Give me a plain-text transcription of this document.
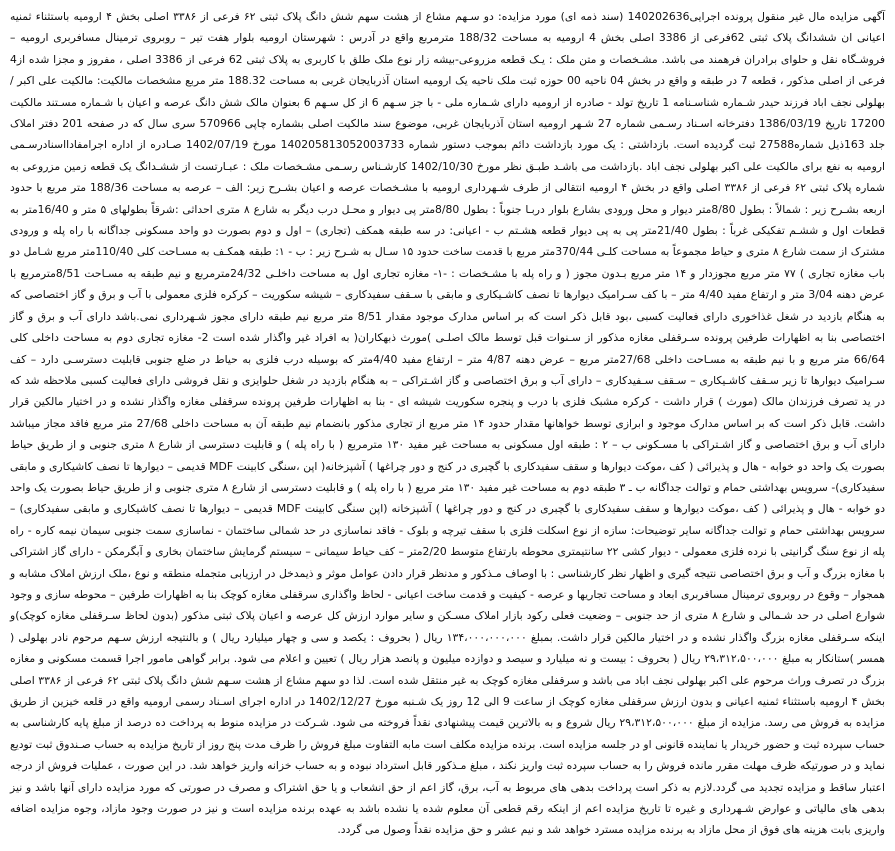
آگهی مزایده مال غیر منقول پرونده اجرایی140202636 (سند ذمه ای) مورد مزایده: دو سـهم مشاع از هشت سهم شش دانگ پلاک ثبتی ۶۲ فرعی از ۳۳۸۶ اصلی بخش ۴ ارومیه باستثناء ثمنیه اعیانی ان ششدانگ پلاک ثبتی 62فرعی از 3386 اصلی بخش 4 ارومیه به مساحت 188/32 مترمربع واقع در آدرس : شهرستان ارومیه بلوار هفت تیر – روبروی ترمینال مسافربری ارومیه – فروشـگاه نقل و حلوای برادران فرهمند می باشد. مشـخصات و متن ملک : یـک قطعه مزروعی-بیشه زار نوع ملک طلق با کاربری به پلاک ثبتی 62 فرعی از 3386 اصلی ، مفروز و مجزا شده از4 فرعی از اصلی مذکور ، قطعه 7 در طبقه و واقع در بخش 04 ناحیه 00 حوزه ثبت ملک ناحیه یک ارومیه استان آذربایجان غربی به مساحت 188.32 متر مربع مشخصات مالکیت: مالکیت علی اکبر / بهلولی نجف اباد فرزند حیدر شـماره شناسـنامه 1 تاریخ تولد - صادره از ارومیه دارای شـماره ملی - با جز سـهم 6 از کل سـهم 6 بعنوان مالک شش دانگ عرصه و اعیان با شـماره مسـتند مالکیت 17200 تاریخ 1386/03/19 دفترخانه اسـناد رسـمی شماره 27 شـهر ارومیه استان آذربایجان غربی، موضوع سند مالکیت اصلی بشماره چاپی 570966 سری سال که در صفحه 201 دفتر املاک جلد 163ذیل شماره27588 ثبت گردیده است. بازداشتی : یک مورد بازداشت دائم بموجب دستور شماره 140205813052003733 مورخ 1402/07/19 صـادره از اداره اجرامفادااسنادرسـمی ارومیه به نفع برای مالکیت علی اکبر بهلولی نجف اباد .بازداشت می باشـد طبـق نظر مورخ 1402/10/30 کارشـناس رسـمی مشـخصات ملک : عبـارتست از ششـدانگ یک قطعه زمین مزروعی به شماره پلاک ثبتی ۶۲ فرعی از ۳۳۸۶ اصلی واقع در بخش ۴ ارومیه انتقالی از طرف شـهرداری ارومیه با مشـخصات عرصه و اعیان بشـرح زیر: الف – عرصه به مساحت 188/36 متر مربع با حدود اربعه بشـرح زیر : شمالاً : بطول 8/80متر دیوار و محل ورودی بشارع بلوار دربـا جنوباً : بطول 8/80متر پی دیوار و محـل درب دیگر به شارع ۸ متری احداثی :شرقاً بطولهای ۵ متر و 16/40متر به قطعات اول و ششـم تفکیکی غرباً : بطول 21/40متر پی به پی دیوار قطعه هشـتم ب - اعیانی: در سه طبقه همکف (تجاری) – اول و دوم بصورت دو واحد مسکونی جداگانه با راه پله و ورودی مشترک از سمت شارع ۸ متری و حیاط مجموعاً به مساحت کلـی 370/44متر مربع با قدمت ساخت حدود ۱۵ سـال به شـرح زیر : ب - ۱: طبقه همکـف به مسـاحت کلی 110/40متر مربع شـامل دو باب مغازه تجاری ) ۷۷ متر مربع مجوزدار و ۱۴ متر مربع بـدون مجوز ( و راه پله با مشـخصات : -۱- مغازه تجاری اول به مساحت داخلـی 24/32مترمربع و نیم طبقه به مسـاحت 8/51مترمربع با عرض دهنه 3/04 متر و ارتفاع مفید 4/40 متر – با کف سـرامیک دیوارها تا نصف کاشـیکاری و مابقی با سـقف سفیدکاری – شیشه سکوریت – کرکره فلزی معمولی با آب و برق و گاز اختصاصی که به هنگام بازدید در شغل غذاخوری دارای فعالیت کسبی ،بود قابل ذکر است که بر اساس مدارک موجود مقدار 8/51 متر مربع نیم طبقه دارای مجوز شـهرداری نمی.باشد دارای آب و برق و گاز اختصاصی بنا به اظهارات طرفین پرونده سـرقفلی مغازه مذکور از سـنوات قبل توسط مالک اصلـی )مورث ذبهکاران( به افراد غیر واگذار شده است 2- مغازه تجاری دوم به مساحت داخلی کلی 66/64 متر مربع و با نیم طبقه به مسـاحت داخلی 27/68متر مربع – عرض دهنه 4/87 متر – ارتفاع مفید 4/40متر که بوسیله درب فلزی به حیاط در ضلع جنوبی قابلیت دسترسـی دارد – کف سـرامیک دیوارها تا زیر سـقف کاشـیکاری – سـقف سـفیدکاری – دارای آب و برق اختصاصی و گاز اشـتراکی – به هنگام بازدید در شغل حلوایزی و نقل فروشی دارای فعالیت کسبی ملاحظه شد که در ید تصرف فرزندان مالک (مورث ) قرار داشت - کرکره مشبک فلزی با درب و پنجره سکوریت شیشه ای - بنا به اظهارات طرفین پرونده سرقفلی مغازه واگذار نشده و در اختیار مالکین قرار داشت. قابل ذکر است که بر اساس مدارک موجود و ابرازی توسط خواهانها مقدار حدود ۱۴ متر مربع از تجاری مذکور بانضمام نیم طبقه آن به مساحت داخلی 27/68 متر مربع فاقد مجاز میباشد دارای آب و برق اختصاصی و گاز اشـتراکی با مسـکونی ب – ۲ : طبقه اول مسکونی به مساحت غیر مفید ۱۳۰ مترمربع ( با راه پله ) و قابلیت دسترسی از شارع ۸ متری جنوبی و از طریق حیاط بصورت یک واحد دو خوابه - هال و پذیرائی ( کف ،موکت دیوارها و سقف سفیدکاری با گچبری در کنج و دور چراغها ) آشپزخانه( اپن ،سنگی کابینت MDF قدیمی – دیوارها تا نصف کاشیکاری و مابقی سفیدکاری)- سرویس بهداشتی حمام و توالت جداگانه ب ـ ۳ طبقه دوم به مساحت غیر مفید ۱۳۰ متر مربع ( با راه پله ) و قابلیت دسترسی از شارع ۸ متری جنوبی و از طریق حیاط بصورت یک واحد دو خوابه - هال و پذیرائی ( کف ،موکت دیوارها و سقف سفیدکاری با گچبری در کنج و دور چراغها ) آشپزخانه (اپن سنگی کابینت MDF قدیمی – دیوارها تا نصف کاشیکاری و مابقی سفیدکاری) – سرویس بهداشتی حمام و توالت جداگانه سایر توضیحات: سازه از نوع اسکلت فلزی با سقف تیرچه و بلوک - فاقد نماسازی در حد شمالی ساختمان - نماسازی سمت جنوبی سیمان نیمه کاره - راه پله از نوع سنگ گرانیتی با نرده فلزی معمولی - دیوار کشی ۲۲ سانتیمتری محوطه بارتفاع متوسط 2/20متر – کف حیاط سیمانی – سیستم گرمایش ساختمان بخاری و آبگرمکن - دارای گاز اشتراکی با مغازه بزرگ و آب و برق اختصاصی نتیجه گیری و اظهار نظر کارشناسی : با اوصاف مـذکور و مدنظر قرار دادن عوامل موثر و ذیمدخل در ارزیابی متجمله منطقه و نوع ،ملک ارزش املاک مشابه و همجوار – وقوع در روبروی ترمینال مسافربری ابعاد و مساحت تجاریها و عرصه - کیفیت و قدمت ساخت اعیانی - لحاظ واگذاری سرقفلی مغازه کوچک بنا به اظهارات طرفین – محوطه سازی و وجود شوارع اصلی در حد شـمالی و شارع ۸ متری از حد جنوبی – وضعیت فعلی رکود بازار املاک مسـکن و سایر موارد ارزش کل عرصه و اعیان پلاک ثبتی مذکور (بدون لحاظ سـرقفلی مغازه کوچک)و اینکه سـرقفلی مغازه بزرگ واگذار نشده و در اختیار مالکین قرار داشت. بمبلغ ۱۳۴،۰۰۰،۰۰۰،۰۰۰ ریال ( بحروف : یکصد و سی و چهار میلیارد ریال ) و بالنتیجه ارزش سـهم مرحوم نادر بهلولی ( همسر )ستانکار به مبلغ ۲۹،۳۱۲،۵۰۰،۰۰۰ ریال ( بحروف : بیست و نه میلیارد و سیصد و دوازده میلیون و پانصد هزار ریال ) تعیین و اعلام می شود. برابر گواهی مامور اجرا قسمت مسکونی و مغازه بزرگ در تصرف وراث مرحوم علی اکبر بهلولی نجف اباد می باشد و سرقفلی مغازه کوچک به غیر منتقل شده است. لذا دو سهم مشاع از هشت سـهم شش دانگ پلاک ثبتی ۶۲ فرعی از ۳۳۸۶ اصلی بخش ۴ ارومیه باستثناء ثمنیه اعیانی و بدون ارزش سرقفلی مغازه کوچک از ساعت 9 الی 12 روز یک شـنبه مورخ 1402/12/27 در اداره اجرای اسـناد رسمی ارومیه واقع در قلعه خیزین از طریق مزایده به فروش می رسد. مزایده از مبلغ ۲۹،۳۱۲،۵۰۰،۰۰۰ ریال شروع و به بالاترین قیمت پیشنهادی نقداً فروخته می شود. شـرکت در مزایده منوط به پرداخت ده درصد از مبلغ پایه کارشناسی به حساب سپرده ثبت و حضور خریدار یا نماینده قانونی او در جلسه مزایده است. برنده مزایده مکلف است مابه التفاوت مبلغ فروش را ظرف مدت پنج روز از تاریخ مزایده به حساب صـندوق ثبت تودیع نماید و در صورتیکه ظرف مهلت مقرر مانده فروش را به حساب سپرده ثبت واریز نکند ، مبلغ مـذکور قابل استرداد نبوده و به حساب خزانه واریز خواهد شد. در این صورت ، عملیات فروش از درجه اعتبار ساقط و مزایده تجدید می گردد.لازم به ذکر است پرداخت بدهی های مربوط به آب، برق، گاز اعم از حق انشعاب و یا حق اشتراک و مصرف در صورتی که مورد مزایده دارای آنها باشد و نیز بدهی های مالیاتی و عوارض شـهرداری و غیره تا تاریخ مزایده اعم از اینکه رقم قطعی آن معلوم شده یا نشده باشد به عهده برنده مزایده است و نیز در صورت وجود مازاد، وجوه مزایده اضافه واریزی بابت هزینه های فوق از محل مازاد به برنده مزایده مسترد خواهد شد و نیم عشر و حق مزایده نقداً وصول می گردد.
